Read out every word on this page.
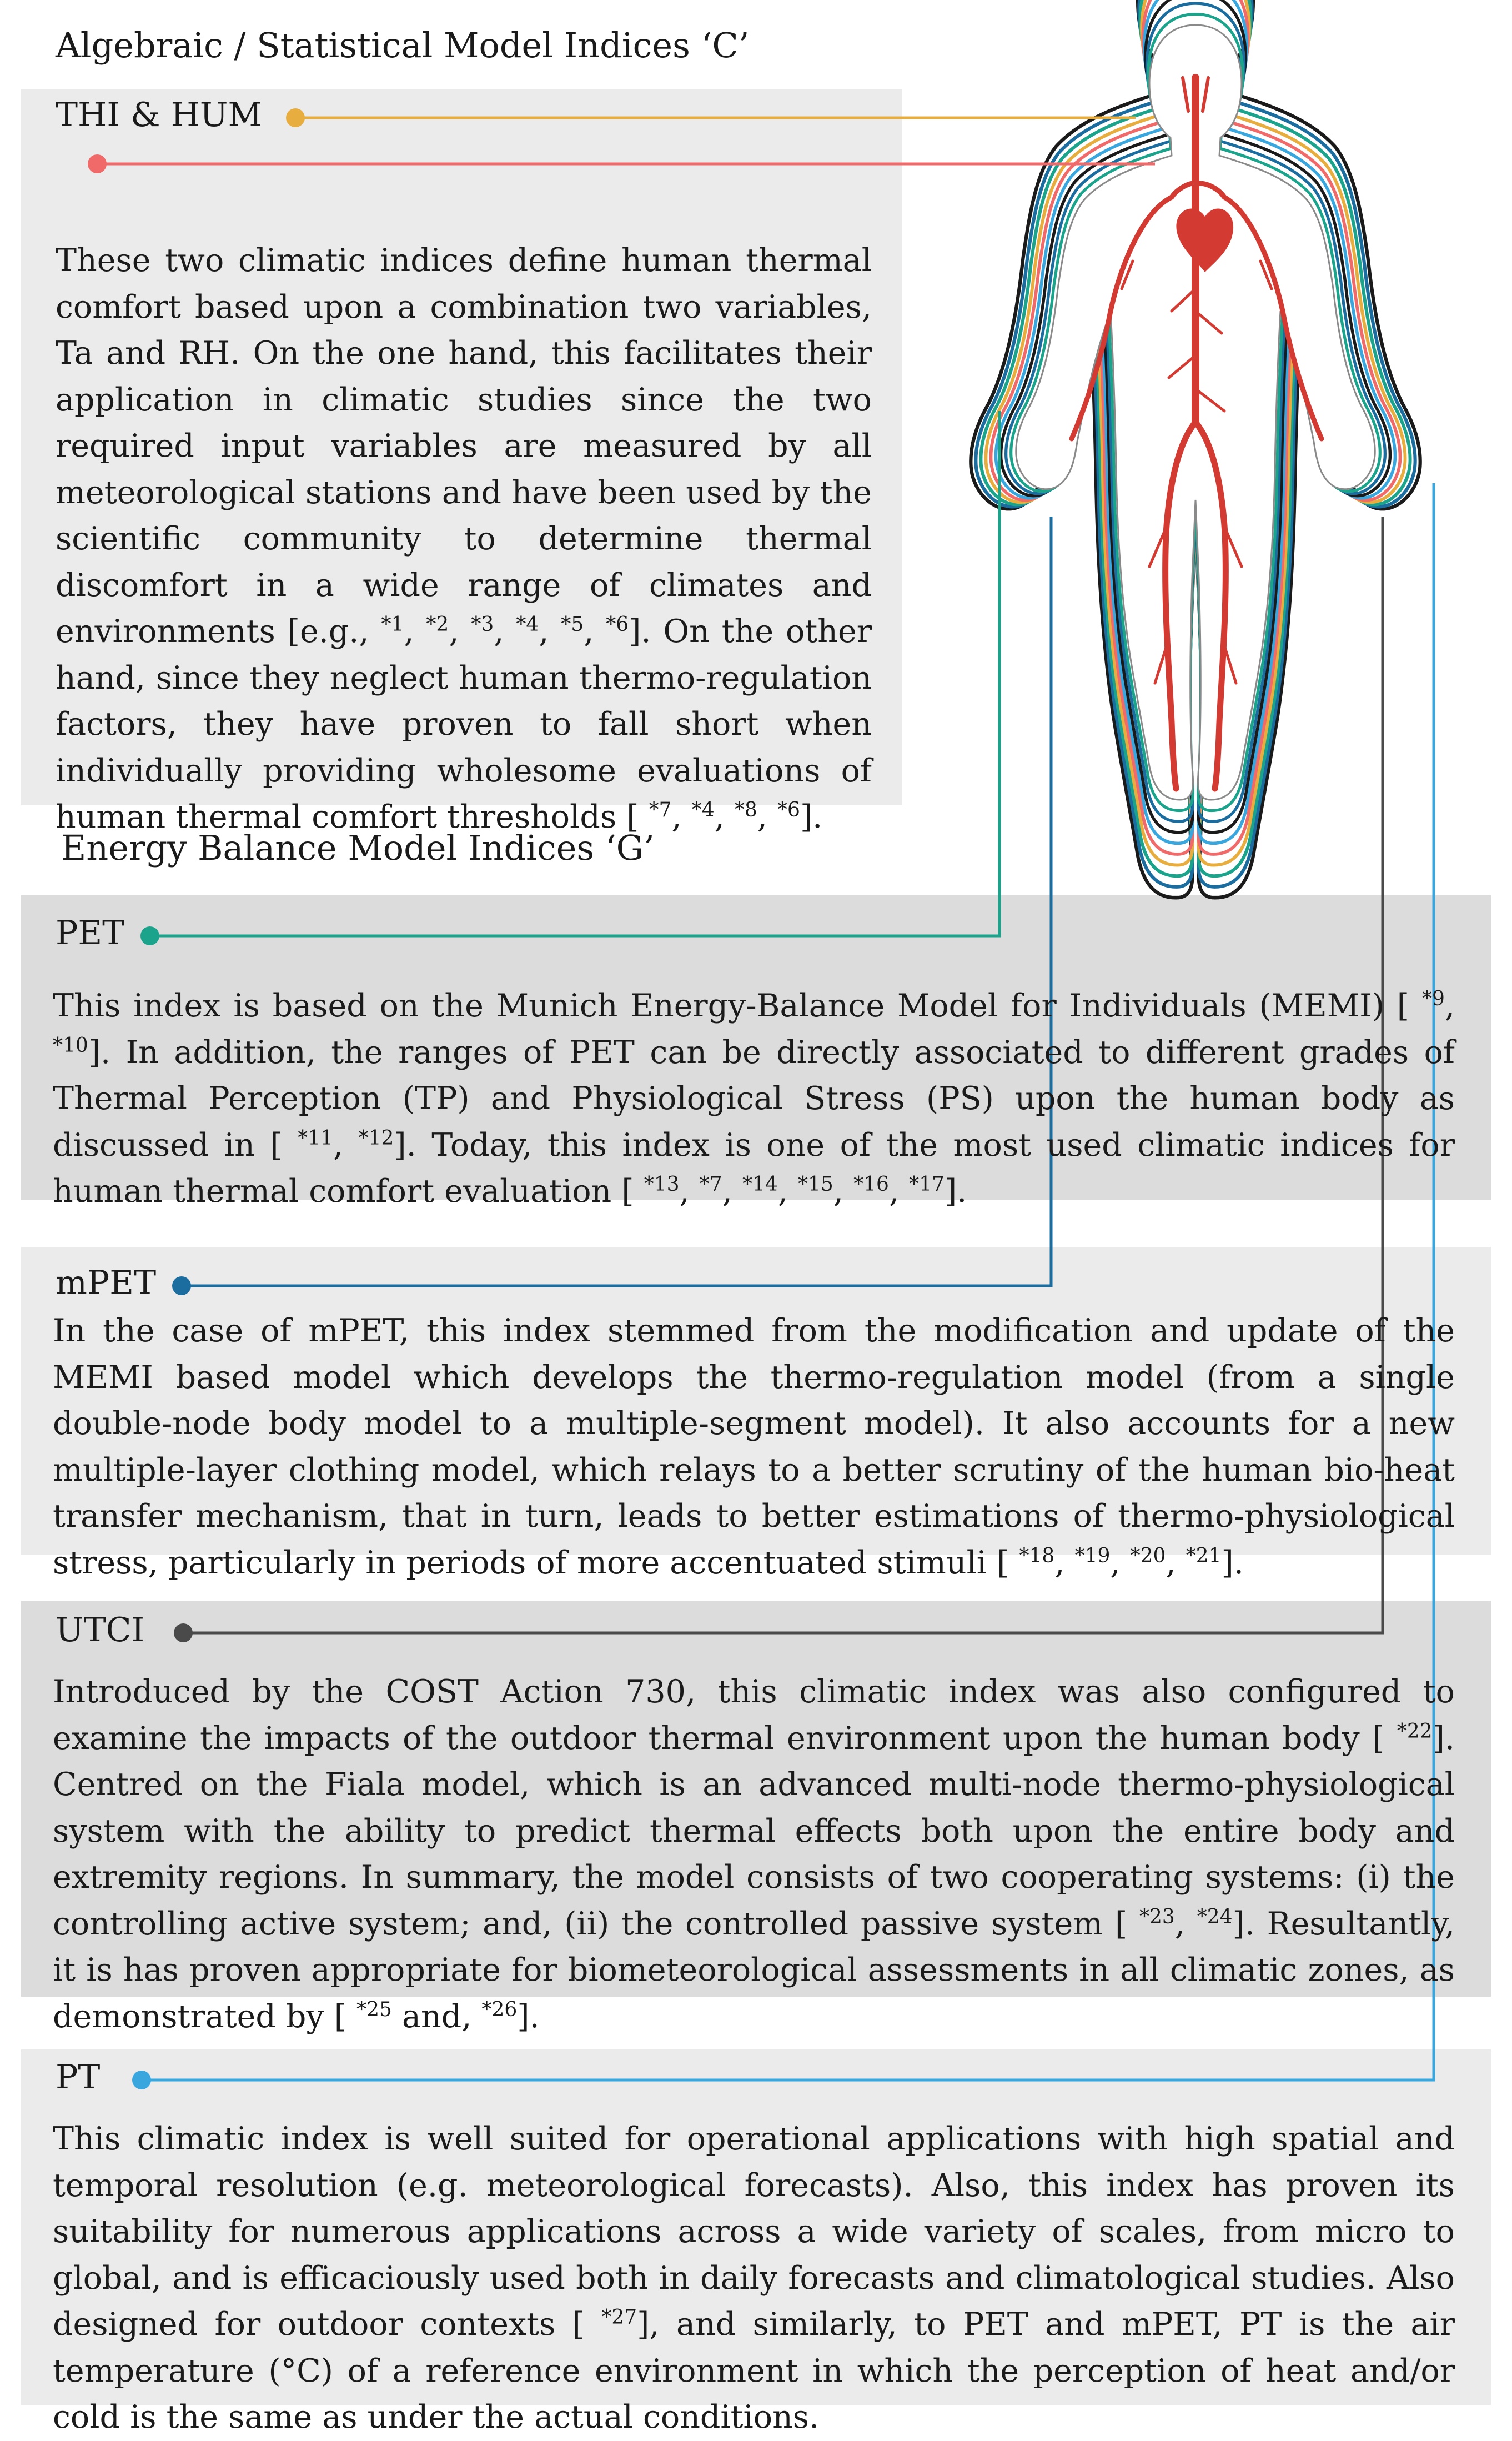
Algebraic / Statistical Model Indices ‘C’
Energy Balance Model Indices ‘G’
THI & HUM
PET
mPET
UTCI
PT
These two climatic indices define human thermal comfort based upon a combination two variables, Ta and RH. On the one hand, this facilitates their application in climatic studies since the two required input variables are measured by all meteorological stations and have been used by the scientific community to determine thermal discomfort in a wide range of climates and environments [e.g., $^{*1}$, $^{*2}$, $^{*3}$, $^{*4}$, $^{*5}$, $^{*6}$]. On the other hand, since they neglect human thermo-regulation factors, they have proven to fall short when individually providing wholesome evaluations of human thermal comfort thresholds [ $^{*7}$, $^{*4}$, $^{*8}$, $^{*6}$].
This index is based on the Munich Energy-Balance Model for Individuals (MEMI) [ $^{*9}$, $^{*10}$]. In addition, the ranges of PET can be directly associated to different grades of Thermal Perception (TP) and Physiological Stress (PS) upon the human body as discussed in [ $^{*11}$, $^{*12}$]. Today, this index is one of the most used climatic indices for human thermal comfort evaluation [ $^{*13}$, $^{*7}$, $^{*14}$, $^{*15}$, $^{*16}$, $^{*17}$].
In the case of mPET, this index stemmed from the modification and update of the MEMI based model which develops the thermo-regulation model (from a single double-node body model to a multiple-segment model). It also accounts for a new multiple-layer clothing model, which relays to a better scrutiny of the human bio-heat transfer mechanism, that in turn, leads to better estimations of thermo-physiological stress, particularly in periods of more accentuated stimuli [ $^{*18}$, $^{*19}$, $^{*20}$, $^{*21}$].
Introduced by the COST Action 730, this climatic index was also configured to examine the impacts of the outdoor thermal environment upon the human body [ $^{*22}$]. Centred on the Fiala model, which is an advanced multi-node thermo-physiological system with the ability to predict thermal effects both upon the entire body and extremity regions. In summary, the model consists of two cooperating systems: (i) the controlling active system; and, (ii) the controlled passive system [ $^{*23}$, $^{*24}$]. Resultantly, it is has proven appropriate for biometeorological assessments in all climatic zones, as demonstrated by [ $^{*25}$ and, $^{*26}$].
This climatic index is well suited for operational applications with high spatial and temporal resolution (e.g. meteorological forecasts). Also, this index has proven its suitability for numerous applications across a wide variety of scales, from micro to global, and is efficaciously used both in daily forecasts and climatological studies. Also designed for outdoor contexts [ $^{*27}$], and similarly, to PET and mPET, PT is the air temperature (°C) of a reference environment in which the perception of heat and/or cold is the same as under the actual conditions.
